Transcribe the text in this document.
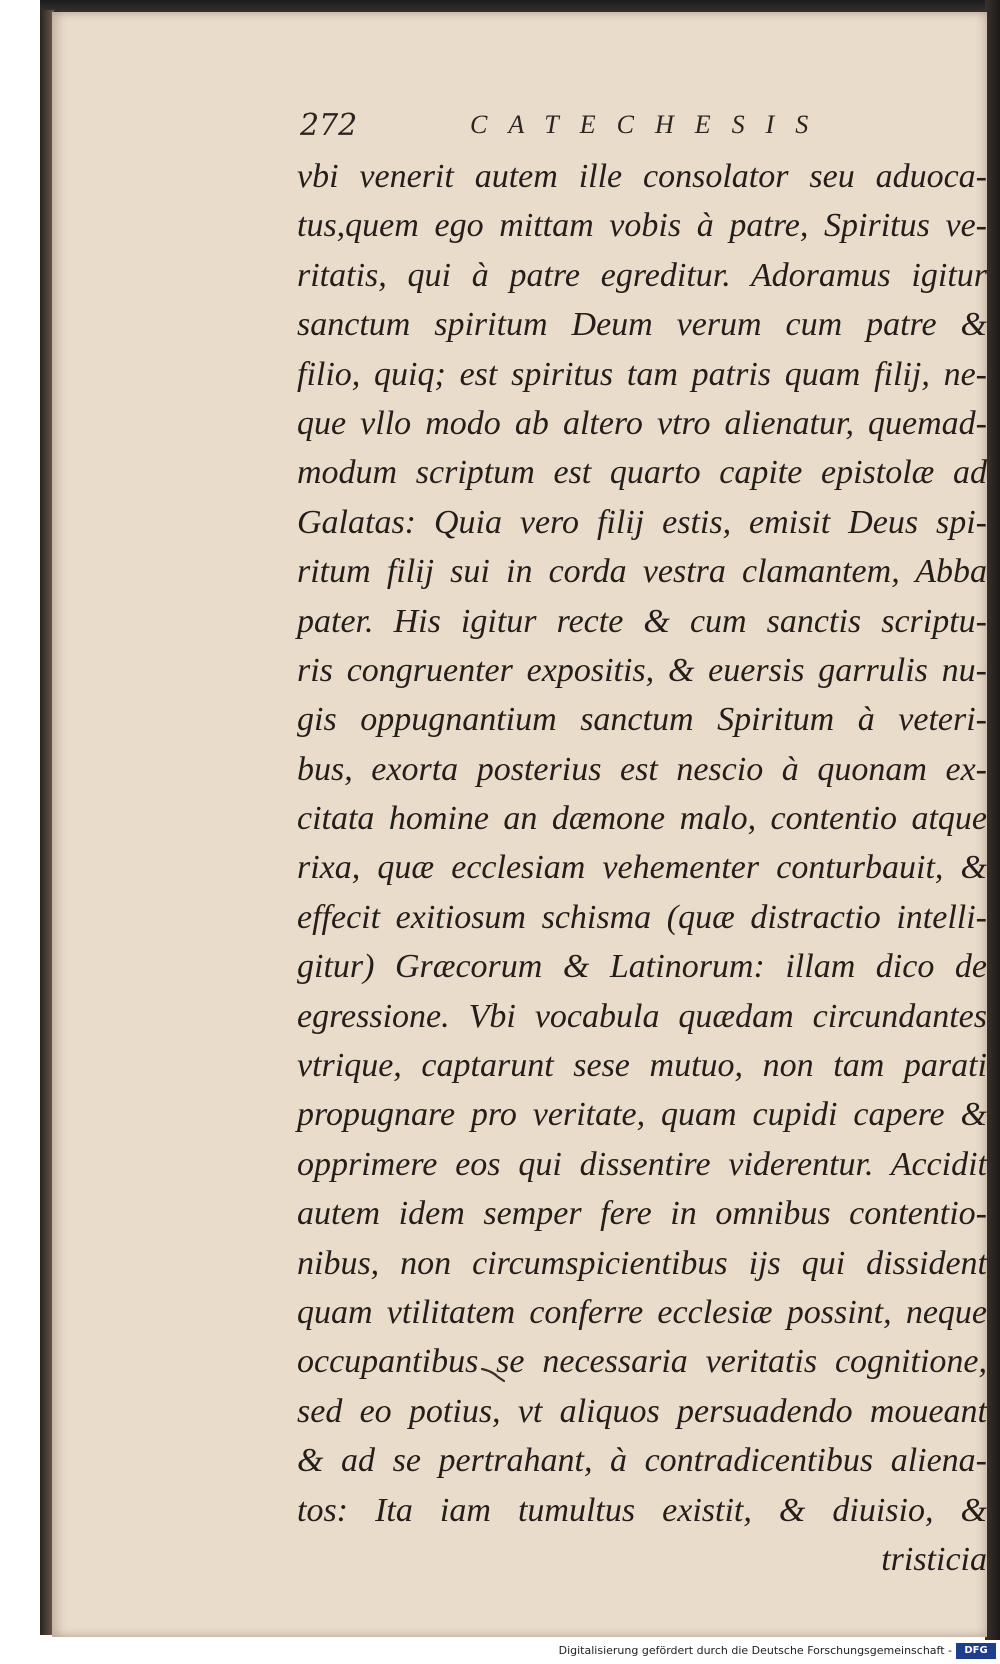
272	CATECHESIS
vbi venerit autem ille consolator seu aduoca-
tus,quem ego mittam vobis à patre, Spiritus ve-
ritatis, qui à patre egreditur. Adoramus igitur
sanctum spiritum Deum verum cum patre &
filio, quiq; est spiritus tam patris quam filij, ne-
que vllo modo ab altero vtro alienatur, quemad-
modum scriptum est quarto capite epistolæ ad
Galatas: Quia vero filij estis, emisit Deus spi-
ritum filij sui in corda vestra clamantem, Abba
pater. His igitur recte & cum sanctis scriptu-
ris congruenter expositis, & euersis garrulis nu-
gis oppugnantium sanctum Spiritum à veteri-
bus, exorta posterius est nescio à quonam ex-
citata homine an dæmone malo, contentio atque
rixa, quæ ecclesiam vehementer conturbauit, &
effecit exitiosum schisma (quæ distractio intelli-
gitur) Græcorum & Latinorum: illam dico de
egressione. Vbi vocabula quædam circundantes
vtrique, captarunt sese mutuo, non tam parati
propugnare pro veritate, quam cupidi capere &
opprimere eos qui dissentire viderentur. Accidit
autem idem semper fere in omnibus contentio-
nibus, non circumspicientibus ijs qui dissident
quam vtilitatem conferre ecclesiæ possint, neque
occupantibus se necessaria veritatis cognitione,
sed eo potius, vt aliquos persuadendo moueant
& ad se pertrahant, à contradicentibus aliena-
tos: Ita iam tumultus existit, & diuisio, &
tristicia
Digitalisierung gefördert durch die Deutsche Forschungsgemeinschaft -	DFG
